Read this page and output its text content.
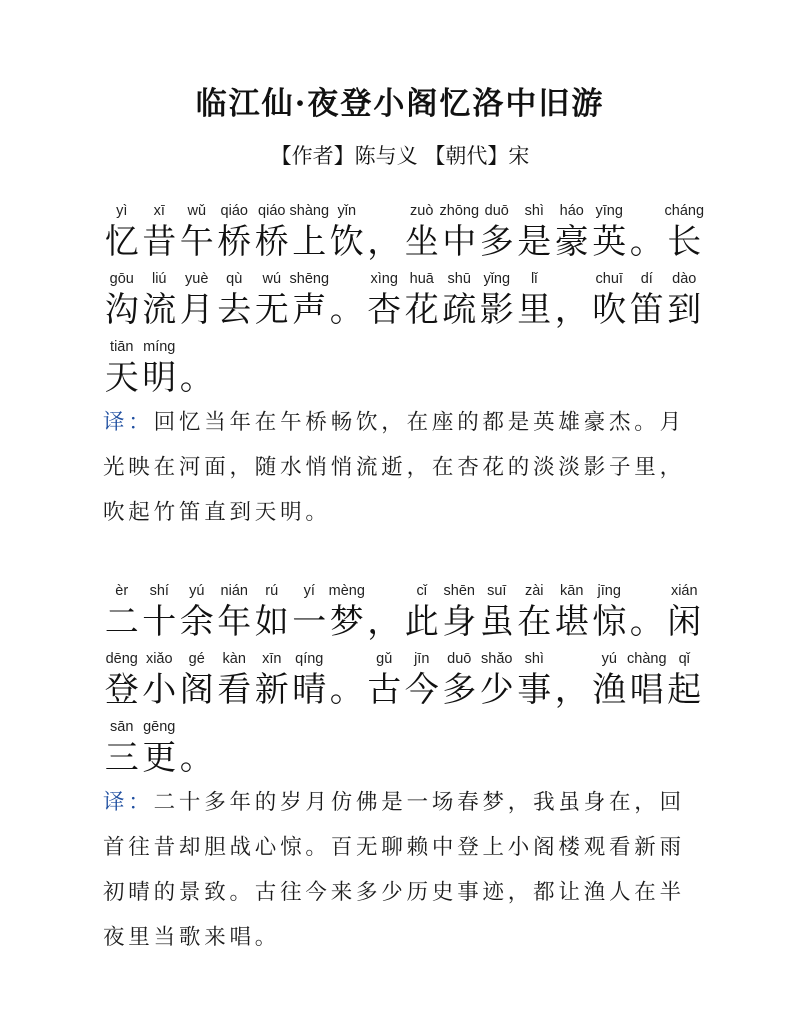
临江仙·夜登小阁忆洛中旧游
【作者】陈与义 【朝代】宋
yì
忆
xī
昔
wǔ
午
qiáo
桥
qiáo
桥
shàng
上
yǐn
饮 ，
zuò
坐
zhōng
中
duō
多
shì
是
háo
豪
yīng
英 。
cháng
长
gōu
沟
liú
流
yuè
月
qù
去
wú
无
shēng
声 。
xìng
杏
huā
花
shū
疏
yǐng
影
lǐ
里 ，
chuī
吹
dí
笛
dào
到
tiān
天
míng
明 。
译：回忆当年在午桥畅饮，在座的都是英雄豪杰。月
光映在河面，随水悄悄流逝，在杏花的淡淡影子里，
吹起竹笛直到天明。
èr
二
shí
十
yú
余
nián
年
rú
如
yí
一
mèng
梦 ，
cǐ
此
shēn
身
suī
虽
zài
在
kān
堪
jīng
惊 。
xián
闲
dēng
登
xiǎo
小
gé
阁
kàn
看
xīn
新
qíng
晴 。
gǔ
古
jīn
今
duō
多
shǎo
少
shì
事 ，
yú
渔
chàng
唱
qǐ
起
sān
三
gēng
更 。
译：二十多年的岁月仿佛是一场春梦，我虽身在，回
首往昔却胆战心惊。百无聊赖中登上小阁楼观看新雨
初晴的景致。古往今来多少历史事迹，都让渔人在半
夜里当歌来唱。
